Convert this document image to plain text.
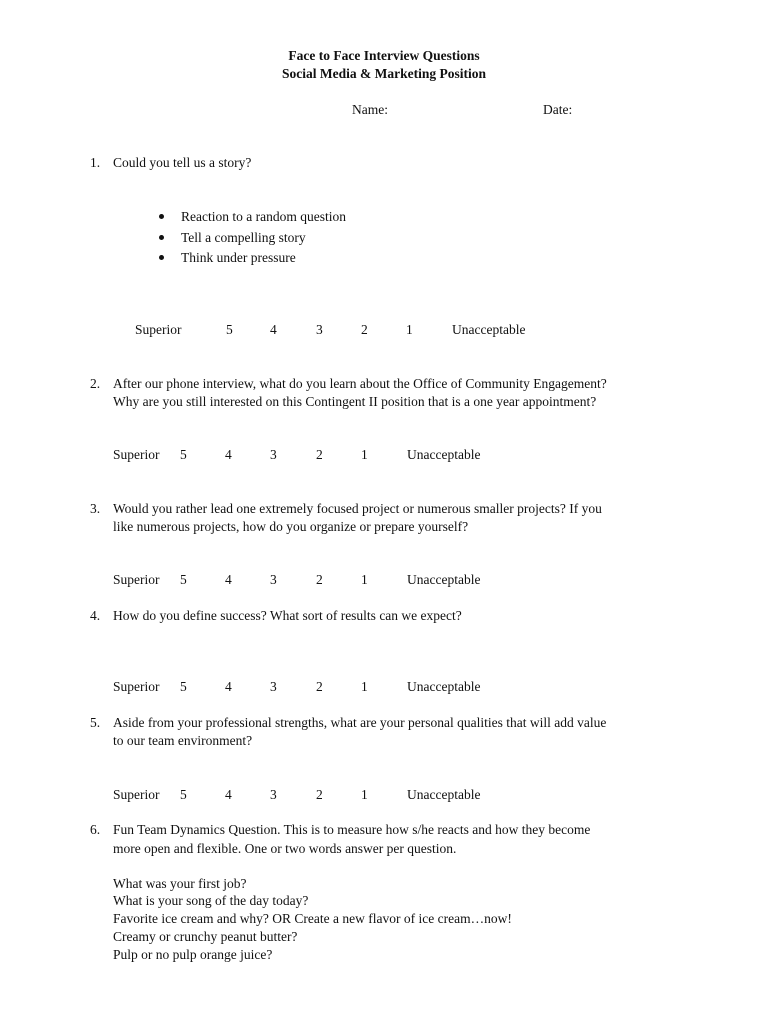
Face to Face Interview Questions
Social Media & Marketing Position
Name:	Date:
1. Could you tell us a story?
Reaction to a random question
Tell a compelling story
Think under pressure
Superior	5	4	3	2	1	Unacceptable
2. After our phone interview, what do you learn about the Office of Community Engagement?
Why are you still interested on this Contingent II position that is a one year appointment?
Superior 5	4	3	2	1	Unacceptable
3. Would you rather lead one extremely focused project or numerous smaller projects? If you
like numerous projects, how do you organize or prepare yourself?
Superior 5	4	3	2	1	Unacceptable
4. How do you define success? What sort of results can we expect?
Superior 5	4	3	2	1	Unacceptable
5. Aside from your professional strengths, what are your personal qualities that will add value
to our team environment?
Superior 5	4	3	2	1	Unacceptable
6. Fun Team Dynamics Question. This is to measure how s/he reacts and how they become
more open and flexible. One or two words answer per question.
What was your first job?
What is your song of the day today?
Favorite ice cream and why? OR Create a new flavor of ice cream…now!
Creamy or crunchy peanut butter?
Pulp or no pulp orange juice?
